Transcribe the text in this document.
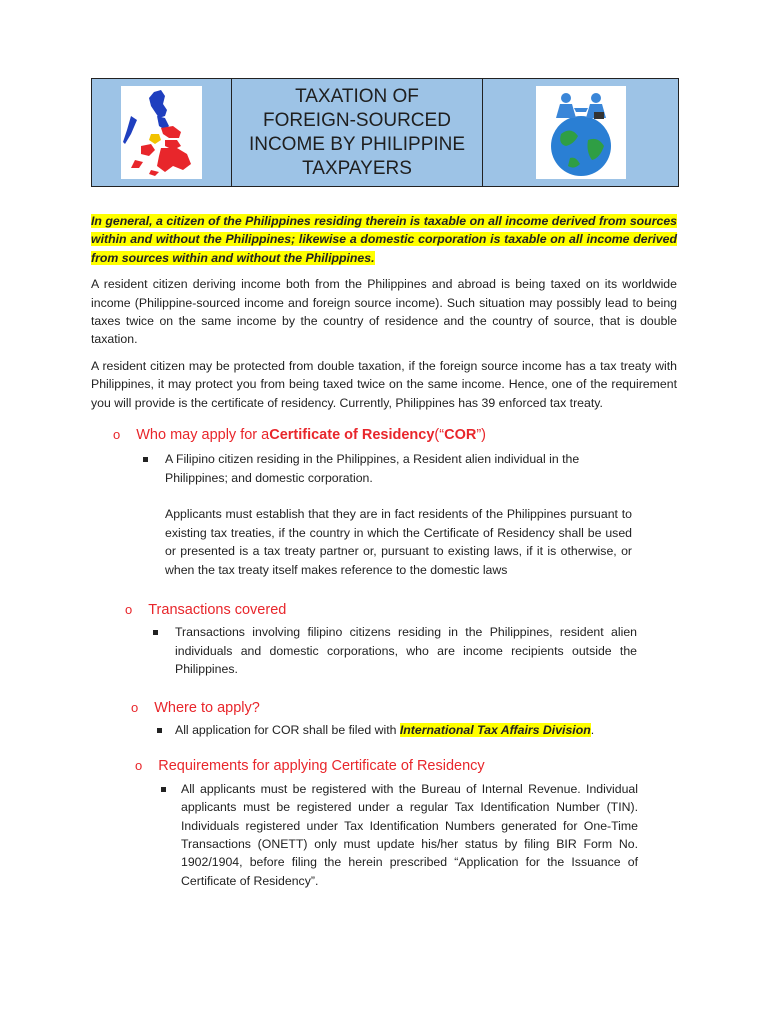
TAXATION OF
FOREIGN-SOURCED
INCOME BY PHILIPPINE
TAXPAYERS

In general, a citizen of the Philippines residing therein is taxable on all income derived from sources within and without the Philippines; likewise a domestic corporation is taxable on all income derived from sources within and without the Philippines.

A resident citizen deriving income both from the Philippines and abroad is being taxed on its worldwide income (Philippine-sourced income and foreign source income). Such situation may possibly lead to being taxes twice on the same income by the country of residence and the country of source, that is double taxation.

A resident citizen may be protected from double taxation, if the foreign source income has a tax treaty with Philippines, it may protect you from being taxed twice on the same income. Hence, one of the requirement you will provide is the certificate of residency. Currently, Philippines has 39 enforced tax treaty.

o Who may apply for a Certificate of Residency (“ COR ”)
A Filipino citizen residing in the Philippines, a Resident alien individual in the Philippines; and domestic corporation.
Applicants must establish that they are in fact residents of the Philippines pursuant to existing tax treaties, if the country in which the Certificate of Residency shall be used or presented is a tax treaty partner or, pursuant to existing laws, if it is otherwise, or when the tax treaty itself makes reference to the domestic laws
o Transactions covered
Transactions involving filipino citizens residing in the Philippines, resident alien individuals and domestic corporations, who are income recipients outside the Philippines.
o Where to apply?
All application for COR shall be filed with International Tax Affairs Division.
o Requirements for applying Certificate of Residency
All applicants must be registered with the Bureau of Internal Revenue. Individual applicants must be registered under a regular Tax Identification Number (TIN). Individuals registered under Tax Identification Numbers generated for One-Time Transactions (ONETT) only must update his/her status by filing BIR Form No. 1902/1904, before filing the herein prescribed “Application for the Issuance of Certificate of Residency”.
